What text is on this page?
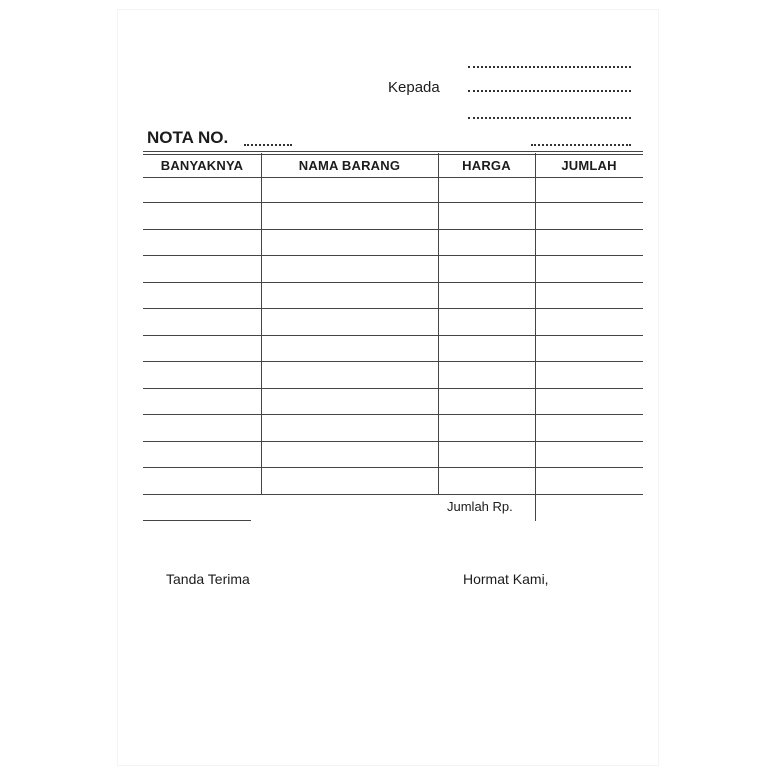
Kepada
NOTA NO.
BANYAKNYA	NAMA BARANG	HARGA	JUMLAH
Jumlah Rp.
Tanda Terima	Hormat Kami,
